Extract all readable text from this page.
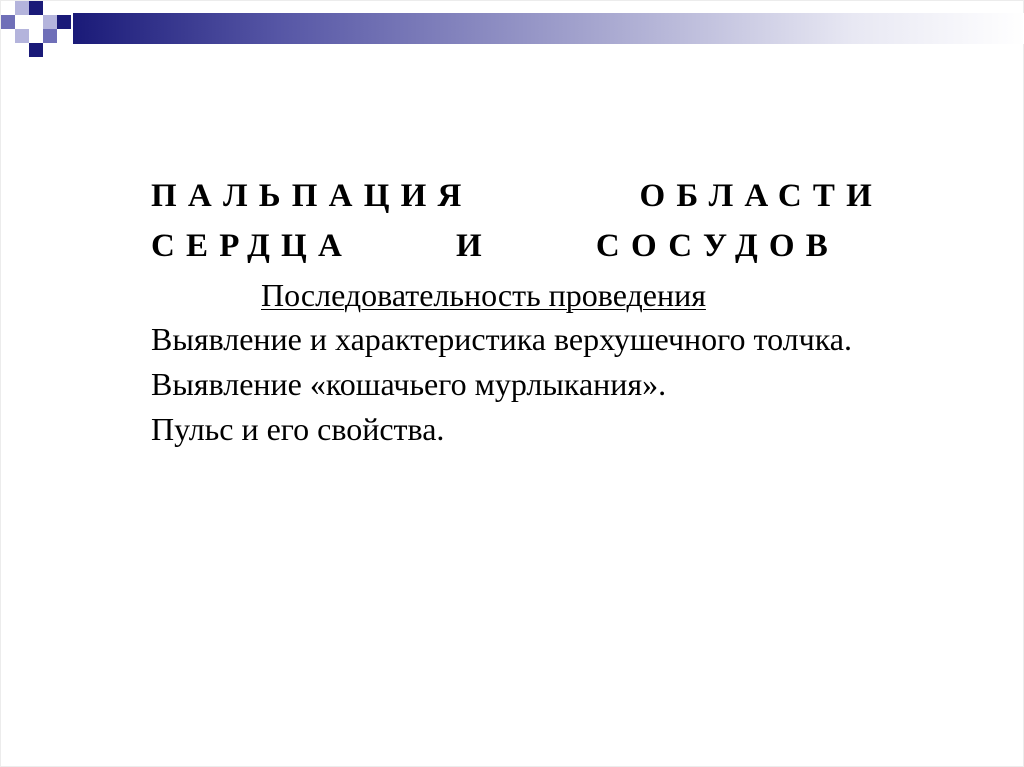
ПАЛЬПАЦИЯ	ОБЛАСТИ
СЕРДЦА	И	СОСУДОВ
Последовательность проведения
Выявление и характеристика верхушечного толчка.
Выявление «кошачьего мурлыкания».
Пульс и его свойства.
